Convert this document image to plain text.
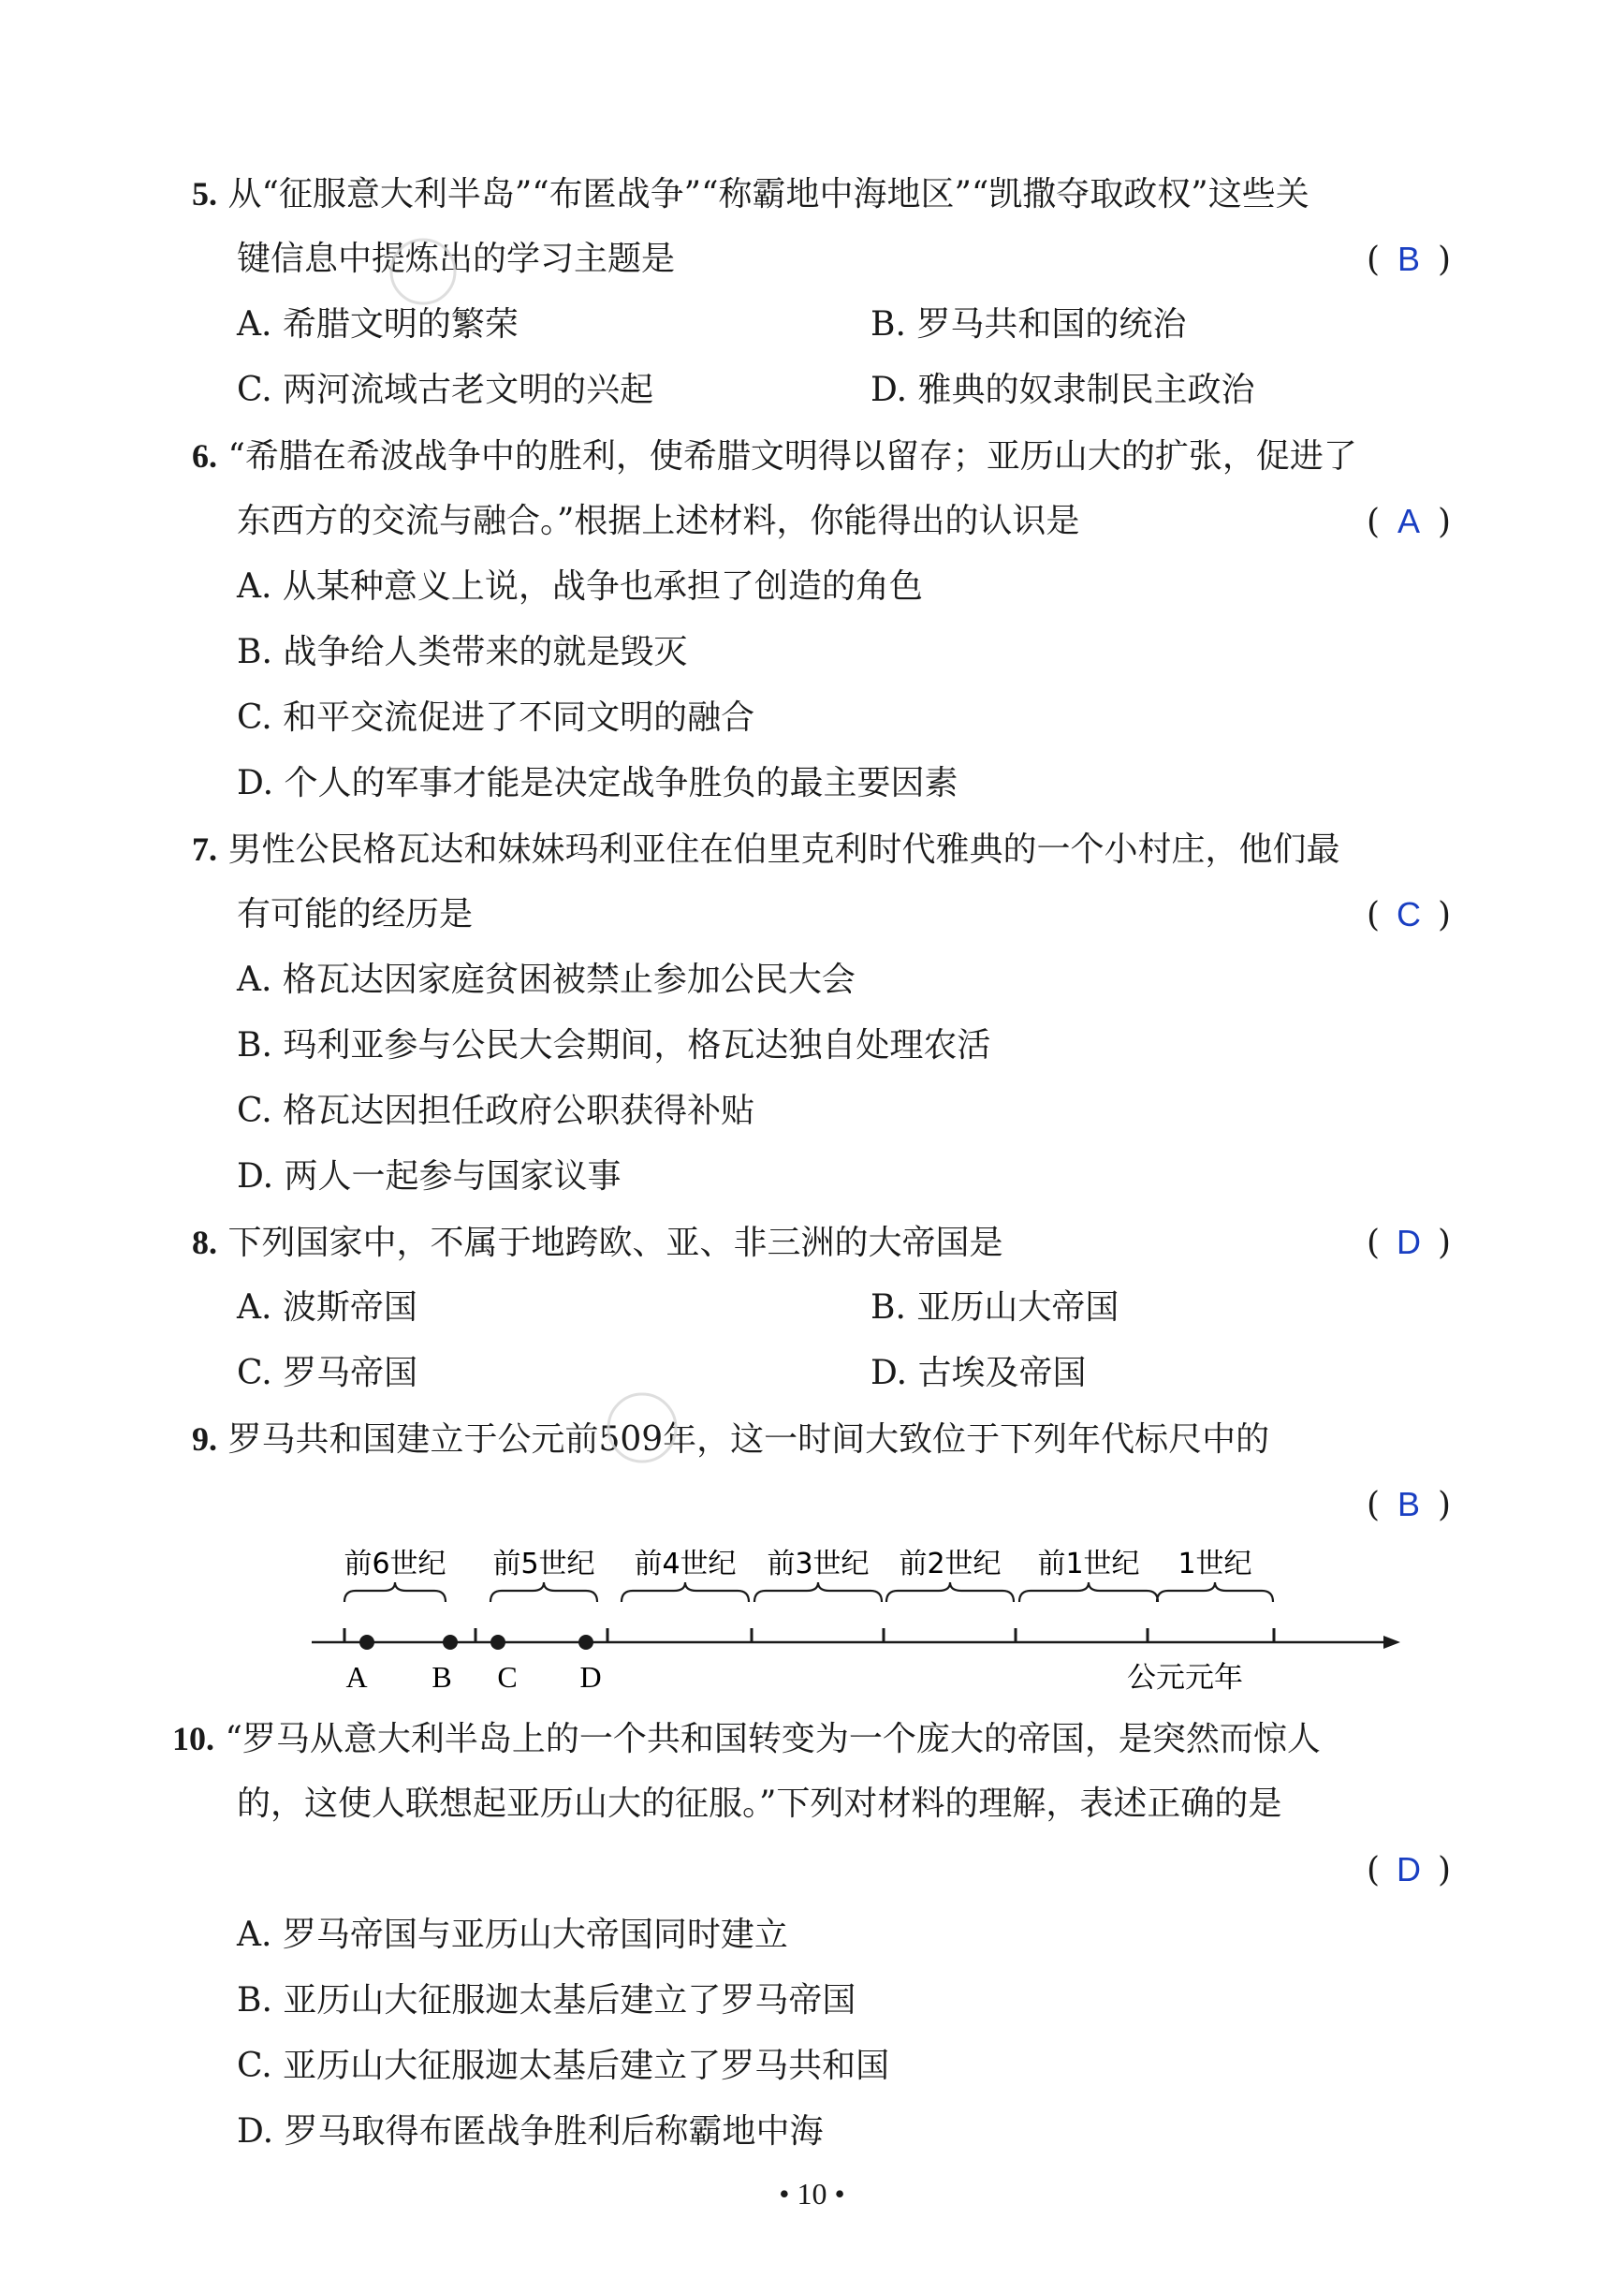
5. 从“征服意大利半岛”“布匿战争”“称霸地中海地区”“凯撒夺取政权”这些关
键信息中提炼出的学习主题是	( B )
A. 希腊文明的繁荣	B. 罗马共和国的统治
C. 两河流域古老文明的兴起	D. 雅典的奴隶制民主政治
6. “希腊在希波战争中的胜利，使希腊文明得以留存；亚历山大的扩张，促进了
东西方的交流与融合。”根据上述材料，你能得出的认识是	( A )
A. 从某种意义上说，战争也承担了创造的角色
B. 战争给人类带来的就是毁灭
C. 和平交流促进了不同文明的融合
D. 个人的军事才能是决定战争胜负的最主要因素
7. 男性公民格瓦达和妹妹玛利亚住在伯里克利时代雅典的一个小村庄，他们最
有可能的经历是	( C )
A. 格瓦达因家庭贫困被禁止参加公民大会
B. 玛利亚参与公民大会期间，格瓦达独自处理农活
C. 格瓦达因担任政府公职获得补贴
D. 两人一起参与国家议事
8. 下列国家中，不属于地跨欧、亚、非三洲的大帝国是	( D )
A. 波斯帝国	B. 亚历山大帝国
C. 罗马帝国	D. 古埃及帝国
9. 罗马共和国建立于公元前509年，这一时间大致位于下列年代标尺中的
( B )
前6世纪 前5世纪 前4世纪 前3世纪 前2世纪 前1世纪 1世纪
A B C D	公元元年
10. “罗马从意大利半岛上的一个共和国转变为一个庞大的帝国，是突然而惊人
的，这使人联想起亚历山大的征服。”下列对材料的理解，表述正确的是
( D )
A. 罗马帝国与亚历山大帝国同时建立
B. 亚历山大征服迦太基后建立了罗马帝国
C. 亚历山大征服迦太基后建立了罗马共和国
D. 罗马取得布匿战争胜利后称霸地中海
• 10 •
